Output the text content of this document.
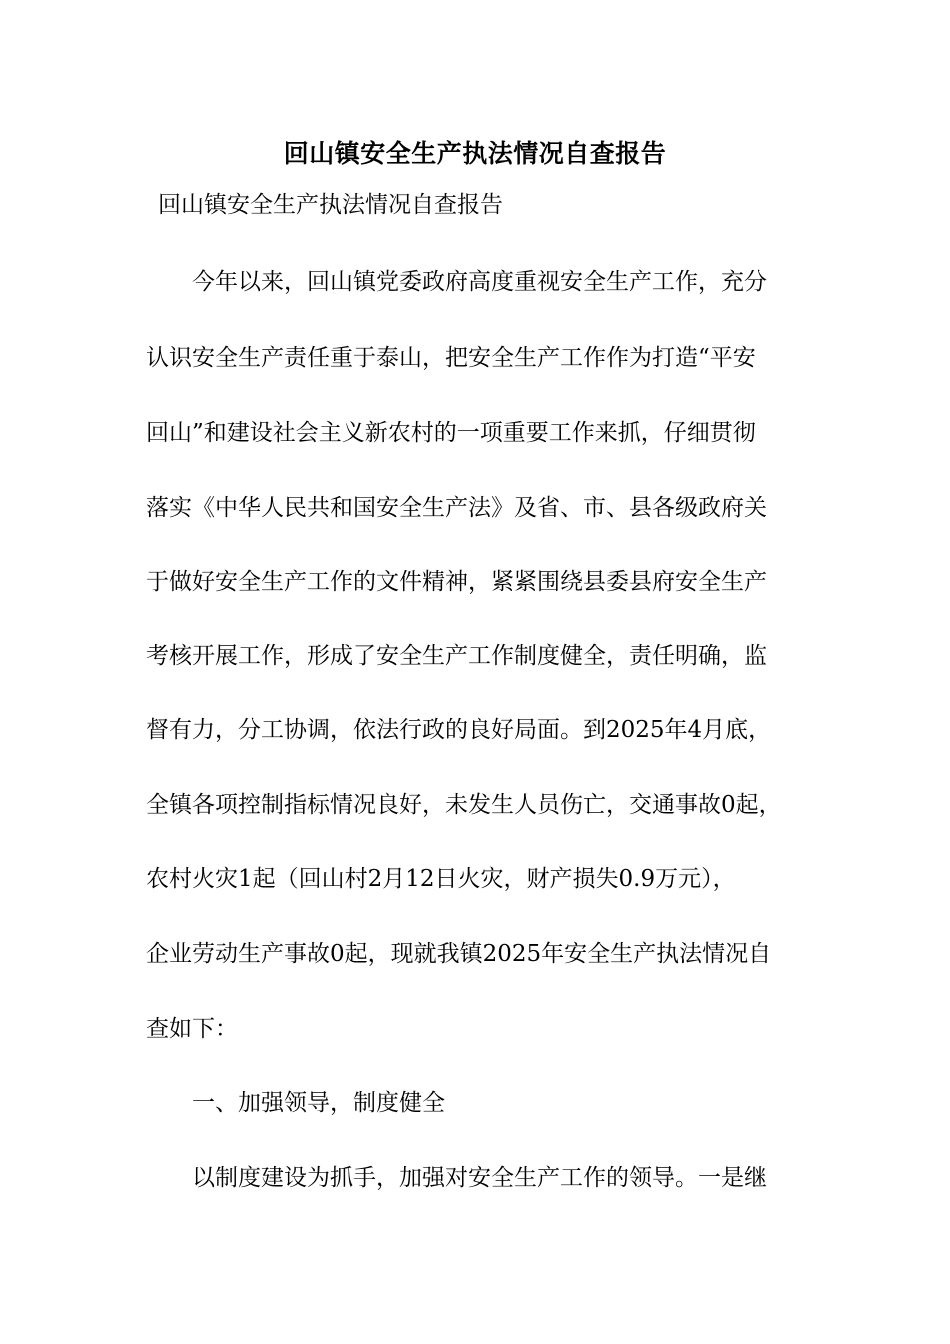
回山镇安全生产执法情况自查报告
回山镇安全生产执法情况自查报告
今年以来，回山镇党委政府高度重视安全生产工作，充分
认识安全生产责任重于泰山，把安全生产工作作为打造“平安
回山”和建设社会主义新农村的一项重要工作来抓，仔细贯彻
落实《中华人民共和国安全生产法》及省、市、县各级政府关
于做好安全生产工作的文件精神，紧紧围绕县委县府安全生产
考核开展工作，形成了安全生产工作制度健全，责任明确，监
督有力，分工协调，依法行政的良好局面。到2025年4月底，
全镇各项控制指标情况良好，未发生人员伤亡，交通事故0起，
农村火灾1起（回山村2月12日火灾，财产损失0.9万元），
企业劳动生产事故0起，现就我镇2025年安全生产执法情况自
查如下：
一、加强领导，制度健全
以制度建设为抓手，加强对安全生产工作的领导。一是继
